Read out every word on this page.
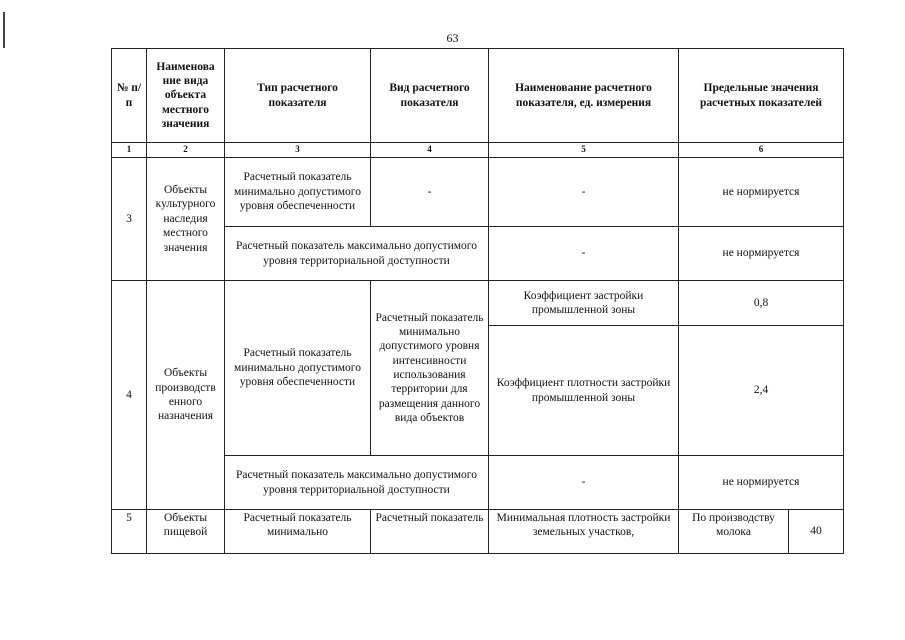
63
№ п/п	Наименова ние вида объекта местного значения	Тип расчетного показателя	Вид расчетного показателя	Наименование расчетного показателя, ед. измерения	Предельные значения расчетных показателей	
1	2	3	4	5	6	
3	Объекты культурного наследия местного значения	Расчетный показатель минимально допустимого уровня обеспеченности	-	-	не нормируется	
		Расчетный показатель максимально допустимого уровня территориальной доступности		-	не нормируется	
4	Объекты производств енного назначения	Расчетный показатель минимально допустимого уровня обеспеченности	Расчетный показатель минимально допустимого уровня интенсивности использования территории для размещения данного вида объектов	Коэффициент застройки промышленной зоны	0,8	
				Коэффициент плотности застройки промышленной зоны	2,4	
		Расчетный показатель максимально допустимого уровня территориальной доступности		-	не нормируется	
5	Объекты пищевой	Расчетный показатель минимально	Расчетный показатель	Минимальная плотность застройки земельных участков,	По производству молока	40
